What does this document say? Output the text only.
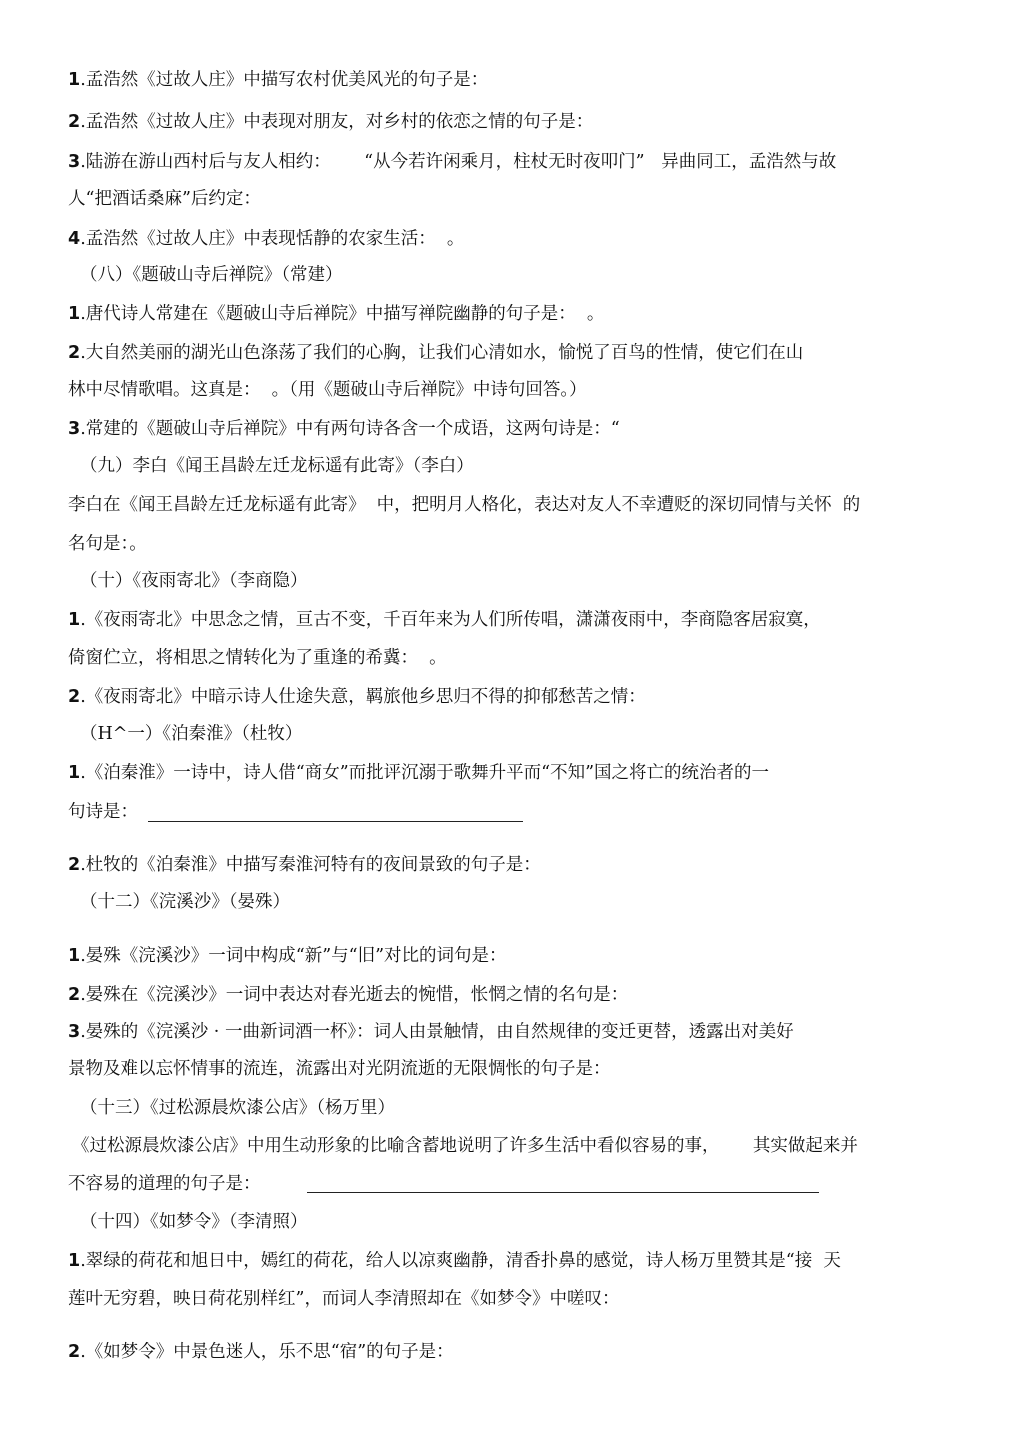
1.孟浩然《过故人庄》中描写农村优美风光的句子是：
2.孟浩然《过故人庄》中表现对朋友，对乡村的依恋之情的句子是：
3.陆游在游山西村后与友人相约：      “从今若许闲乘月，柱杖无时夜叩门”   异曲同工，孟浩然与故
人“把酒话桑麻”后约定：
4.孟浩然《过故人庄》中表现恬静的农家生活：  。
（八）《题破山寺后禅院》（常建）
1.唐代诗人常建在《题破山寺后禅院》中描写禅院幽静的句子是：  。
2.大自然美丽的湖光山色涤荡了我们的心胸，让我们心清如水，愉悦了百鸟的性情，使它们在山
林中尽情歌唱。这真是：  。（用《题破山寺后禅院》中诗句回答。）
3.常建的《题破山寺后禅院》中有两句诗各含一个成语，这两句诗是：“
（九）李白《闻王昌龄左迁龙标遥有此寄》（李白）
李白在《闻王昌龄左迁龙标遥有此寄》  中，把明月人格化，表达对友人不幸遭贬的深切同情与关怀  的
名句是：。
（十）《夜雨寄北》（李商隐）
1.《夜雨寄北》中思念之情，亘古不变，千百年来为人们所传唱，潇潇夜雨中，李商隐客居寂寞，
倚窗伫立，将相思之情转化为了重逢的希冀：  。
2.《夜雨寄北》中暗示诗人仕途失意，羁旅他乡思归不得的抑郁愁苦之情：
（H^一）《泊秦淮》（杜牧）
1.《泊秦淮》一诗中，诗人借“商女”而批评沉溺于歌舞升平而“不知”国之将亡的统治者的一
句诗是：
2.杜牧的《泊秦淮》中描写秦淮河特有的夜间景致的句子是：
（十二）《浣溪沙》（晏殊）
1.晏殊《浣溪沙》一词中构成“新”与“旧”对比的词句是：
2.晏殊在《浣溪沙》一词中表达对春光逝去的惋惜，怅惘之情的名句是：
3.晏殊的《浣溪沙 · 一曲新词酒一杯》：词人由景触情，由自然规律的变迁更替，透露出对美好
景物及难以忘怀情事的流连，流露出对光阴流逝的无限惆怅的句子是：
（十三）《过松源晨炊漆公店》（杨万里）
《过松源晨炊漆公店》中用生动形象的比喻含蓄地说明了许多生活中看似容易的事，      其实做起来并
不容易的道理的句子是：
（十四）《如梦令》（李清照）
1.翠绿的荷花和旭日中，嫣红的荷花，给人以凉爽幽静，清香扑鼻的感觉，诗人杨万里赞其是“接  天
莲叶无穷碧，映日荷花别样红”，而词人李清照却在《如梦令》中嗟叹：
2.《如梦令》中景色迷人，乐不思“宿”的句子是：
